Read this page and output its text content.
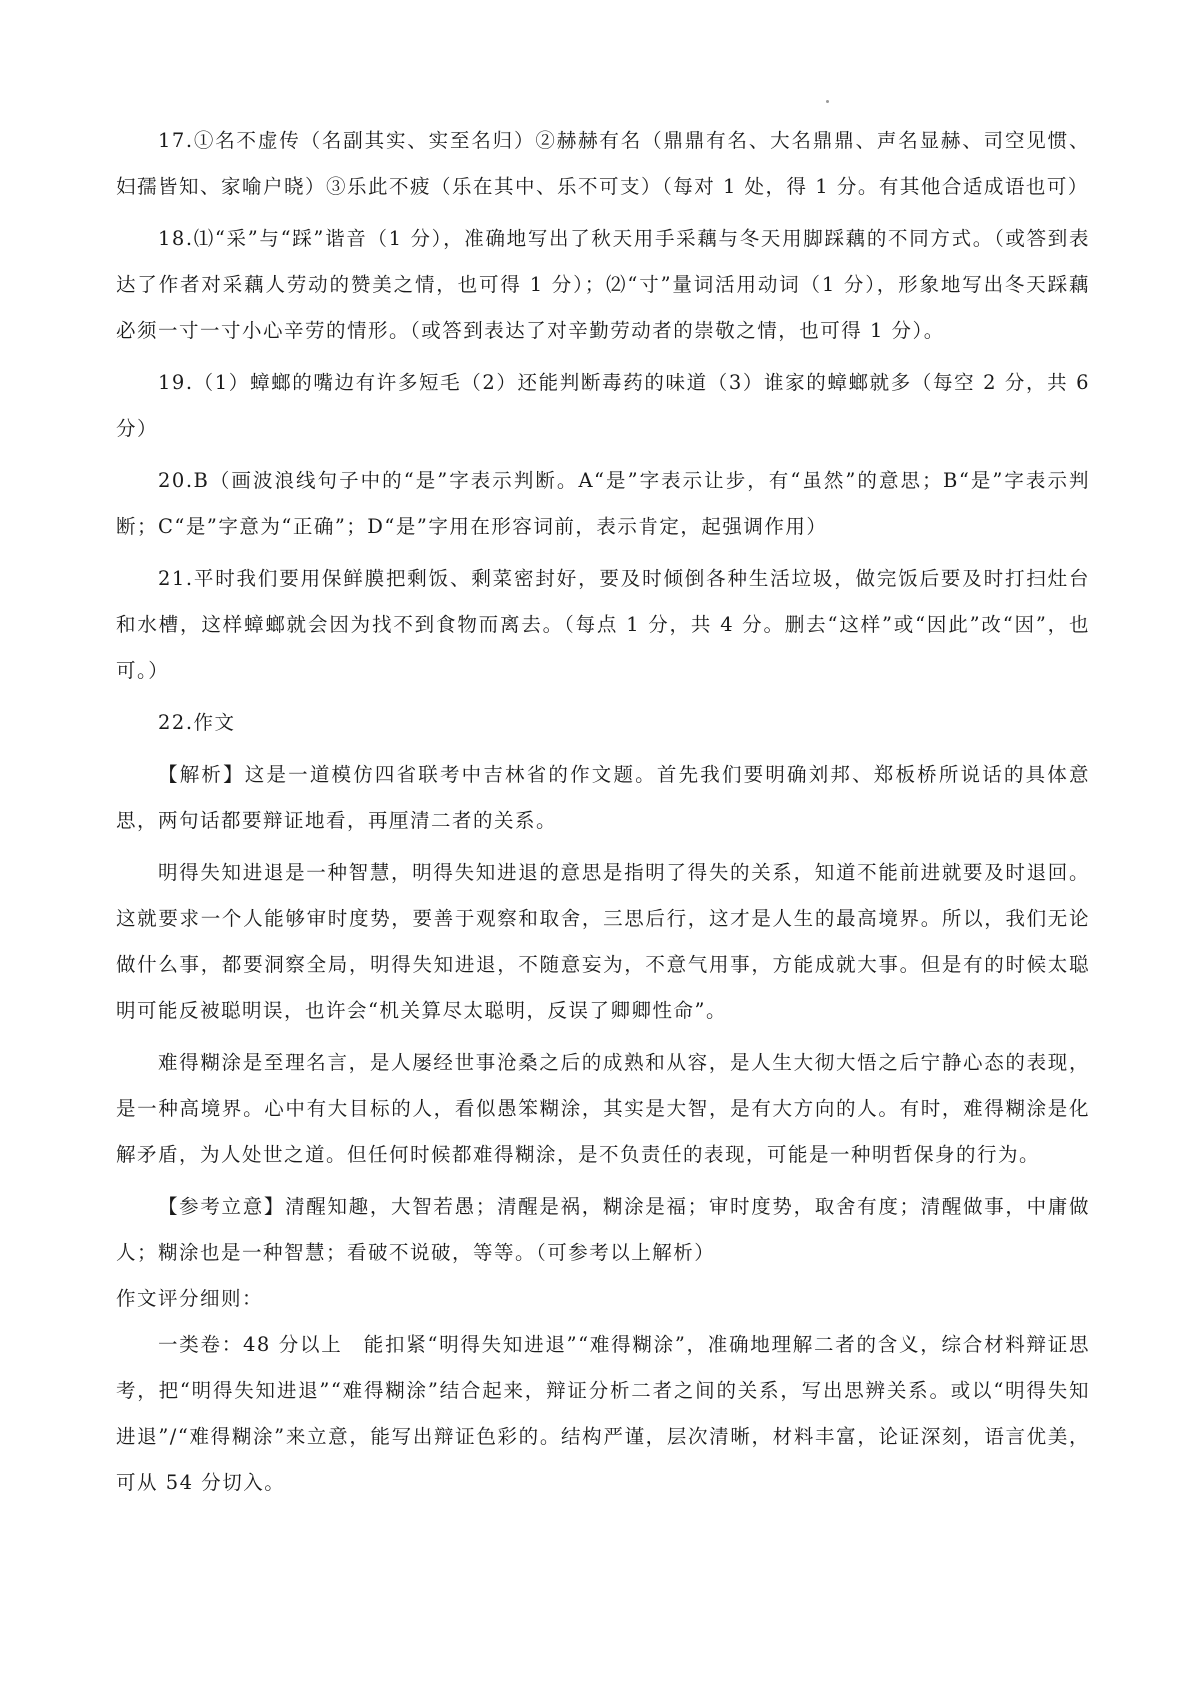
17.①名不虚传（名副其实、实至名归）②赫赫有名（鼎鼎有名、大名鼎鼎、声名显赫、司空见惯、妇孺皆知、家喻户晓）③乐此不疲（乐在其中、乐不可支）（每对 1 处，得 1 分。有其他合适成语也可）

18.⑴“采”与“踩”谐音（1 分），准确地写出了秋天用手采藕与冬天用脚踩藕的不同方式。（或答到表达了作者对采藕人劳动的赞美之情，也可得 1 分）；⑵“寸”量词活用动词（1 分），形象地写出冬天踩藕必须一寸一寸小心辛劳的情形。（或答到表达了对辛勤劳动者的崇敬之情，也可得 1 分）。

19.（1）蟑螂的嘴边有许多短毛（2）还能判断毒药的味道（3）谁家的蟑螂就多（每空 2 分，共 6 分）

20.B（画波浪线句子中的“是”字表示判断。A“是”字表示让步，有“虽然”的意思；B“是”字表示判断；C“是”字意为“正确”；D“是”字用在形容词前，表示肯定，起强调作用）

21.平时我们要用保鲜膜把剩饭、剩菜密封好，要及时倾倒各种生活垃圾，做完饭后要及时打扫灶台和水槽，这样蟑螂就会因为找不到食物而离去。（每点 1 分，共 4 分。删去“这样”或“因此”改“因”，也可。）

22.作文

【解析】这是一道模仿四省联考中吉林省的作文题。首先我们要明确刘邦、郑板桥所说话的具体意思，两句话都要辩证地看，再厘清二者的关系。

明得失知进退是一种智慧，明得失知进退的意思是指明了得失的关系，知道不能前进就要及时退回。这就要求一个人能够审时度势，要善于观察和取舍，三思后行，这才是人生的最高境界。所以，我们无论做什么事，都要洞察全局，明得失知进退，不随意妄为，不意气用事，方能成就大事。但是有的时候太聪明可能反被聪明误，也许会“机关算尽太聪明，反误了卿卿性命”。

难得糊涂是至理名言，是人屡经世事沧桑之后的成熟和从容，是人生大彻大悟之后宁静心态的表现，是一种高境界。心中有大目标的人，看似愚笨糊涂，其实是大智，是有大方向的人。有时，难得糊涂是化解矛盾，为人处世之道。但任何时候都难得糊涂，是不负责任的表现，可能是一种明哲保身的行为。

【参考立意】清醒知趣，大智若愚；清醒是祸，糊涂是福；审时度势，取舍有度；清醒做事，中庸做人；糊涂也是一种智慧；看破不说破，等等。（可参考以上解析）

作文评分细则：

一类卷：48 分以上　能扣紧“明得失知进退”“难得糊涂”，准确地理解二者的含义，综合材料辩证思考，把“明得失知进退”“难得糊涂”结合起来，辩证分析二者之间的关系，写出思辨关系。或以“明得失知进退”/“难得糊涂”来立意，能写出辩证色彩的。结构严谨，层次清晰，材料丰富，论证深刻，语言优美，可从 54 分切入。
